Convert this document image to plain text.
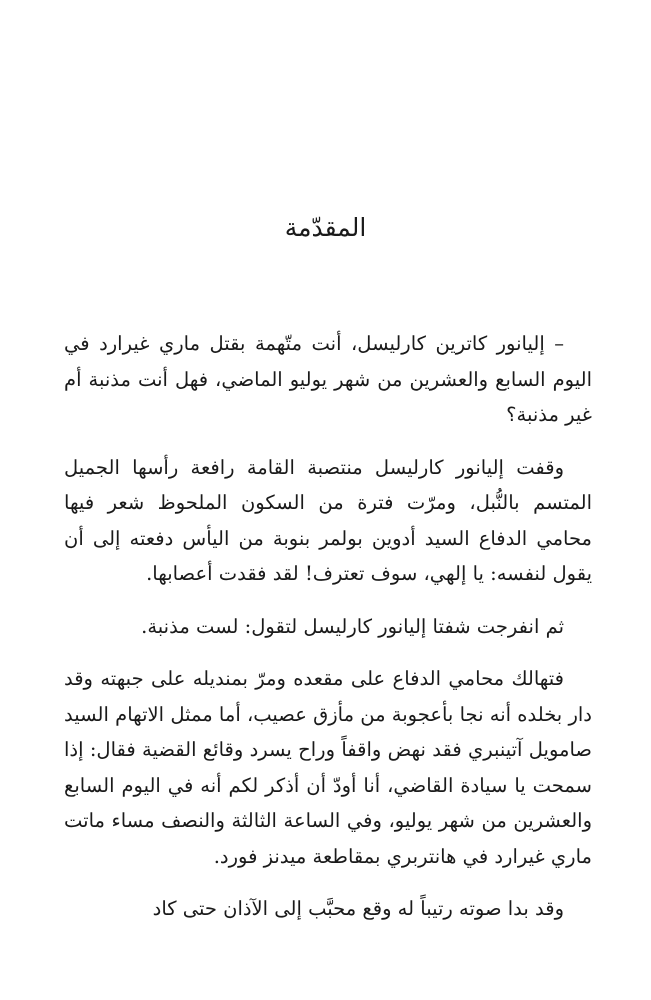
المقدّمة

– إليانور كاترين كارليسل، أنت متّهمة بقتل ماري غيرارد في اليوم السابع والعشرين من شهر يوليو الماضي، فهل أنت مذنبة أم غير مذنبة؟

وقفت إليانور كارليسل منتصبة القامة رافعة رأسها الجميل المتسم بالنُّبل، ومرّت فترة من السكون الملحوظ شعر فيها محامي الدفاع السيد أدوين بولمر بنوبة من اليأس دفعته إلى أن يقول لنفسه: يا إلهي، سوف تعترف! لقد فقدت أعصابها.

ثم انفرجت شفتا إليانور كارليسل لتقول: لست مذنبة.

فتهالك محامي الدفاع على مقعده ومرّ بمنديله على جبهته وقد دار بخلده أنه نجا بأعجوبة من مأزق عصيب، أما ممثل الاتهام السيد صامويل آتينبري فقد نهض واقفاً وراح يسرد وقائع القضية فقال: إذا سمحت يا سيادة القاضي، أنا أودّ أن أذكر لكم أنه في اليوم السابع والعشرين من شهر يوليو، وفي الساعة الثالثة والنصف مساء ماتت ماري غيرارد في هانتربري بمقاطعة ميدنز فورد.

وقد بدا صوته رتيباً له وقع محبَّب إلى الآذان حتى كاد
